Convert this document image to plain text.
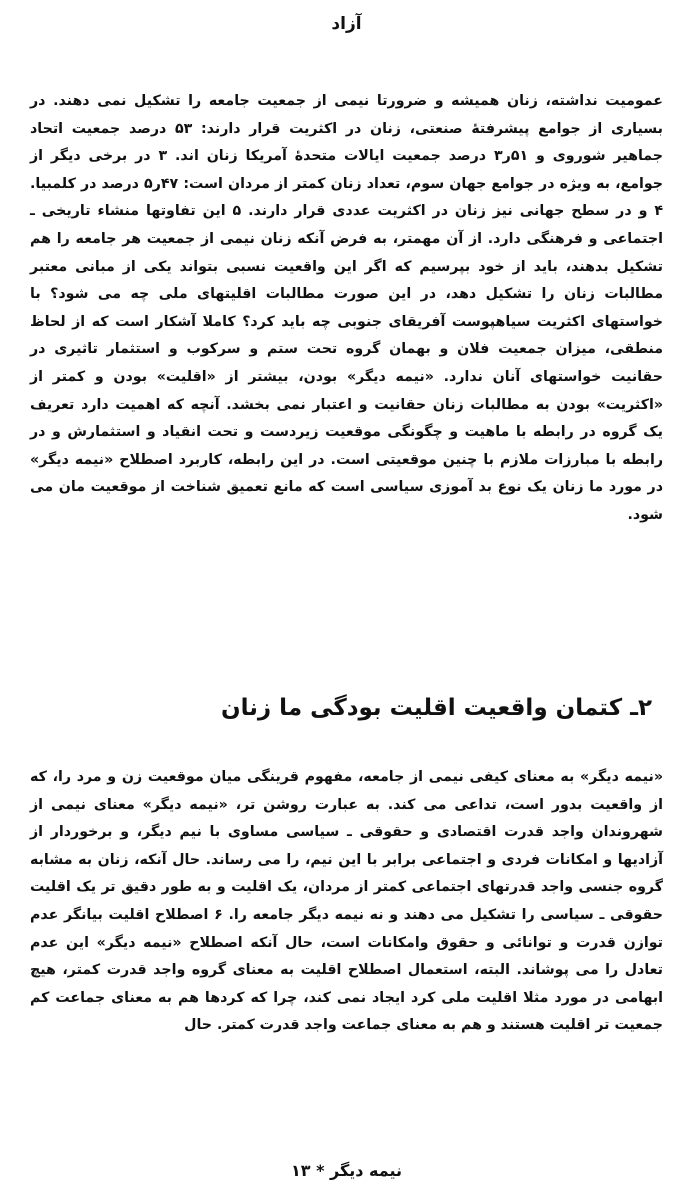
آزاد

عمومیت نداشته، زنان همیشه و ضرورتا نیمی از جمعیت جامعه را تشکیل نمی دهند. در بسیاری از جوامع پیشرفتهٔ صنعتی، زنان در اکثریت قرار دارند: ۵۳ درصد جمعیت اتحاد جماهیر شوروی و ۵۱ر۳ درصد جمعیت ایالات متحدهٔ آمریکا زنان اند. ۳ در برخی دیگر از جوامع، به ویژه در جوامع جهان سوم، تعداد زنان کمتر از مردان است: ۴۷ر۵ درصد در کلمبیا. ۴ و در سطح جهانی نیز زنان در اکثریت عددی قرار دارند. ۵ این تفاوتها منشاء تاریخی ـ اجتماعی و فرهنگی دارد. از آن مهمتر، به فرض آنکه زنان نیمی از جمعیت هر جامعه را هم تشکیل بدهند، باید از خود بپرسیم که اگر این واقعیت نسبی بتواند یکی از مبانی معتبر مطالبات زنان را تشکیل دهد، در این صورت مطالبات اقلیتهای ملی چه می شود؟ با خواستهای اکثریت سیاهپوست آفریقای جنوبی چه باید کرد؟ کاملا آشکار است که از لحاظ منطقی، میزان جمعیت فلان و بهمان گروه تحت ستم و سرکوب و استثمار تاثیری در حقانیت خواستهای آنان ندارد. «نیمه دیگر» بودن، بیشتر از «اقلیت» بودن و کمتر از «اکثریت» بودن به مطالبات زنان حقانیت و اعتبار نمی بخشد. آنچه که اهمیت دارد تعریف یک گروه در رابطه با ماهیت و چگونگی موقعیت زیردست و تحت انقیاد و استثمارش و در رابطه با مبارزات ملازم با چنین موقعیتی است. در این رابطه، کاربرد اصطلاح «نیمه دیگر» در مورد ما زنان یک نوع بد آموزی سیاسی است که مانع تعمیق شناخت از موقعیت مان می شود.

۲ـ کتمان واقعیت اقلیت بودگی ما زنان

«نیمه دیگر» به معنای کیفی نیمی از جامعه، مفهوم قرینگی میان موقعیت زن و مرد را، که از واقعیت بدور است، تداعی می کند. به عبارت روشن تر، «نیمه دیگر» معنای نیمی از شهروندان واجد قدرت اقتصادی و حقوقی ـ سیاسی مساوی با نیم دیگر، و برخوردار از آزادیها و امکانات فردی و اجتماعی برابر با این نیم، را می رساند. حال آنکه، زنان به مشابه گروه جنسی واجد قدرتهای اجتماعی کمتر از مردان، یک اقلیت و به طور دقیق تر یک اقلیت حقوقی ـ سیاسی را تشکیل می دهند و نه نیمه دیگر جامعه را. ۶ اصطلاح اقلیت بیانگر عدم توازن قدرت و توانائی و حقوق وامکانات است، حال آنکه اصطلاح «نیمه دیگر» این عدم تعادل را می پوشاند. البته، استعمال اصطلاح اقلیت به معنای گروه واجد قدرت کمتر، هیچ ابهامی در مورد مثلا اقلیت ملی کرد ایجاد نمی کند، چرا که کردها هم به معنای جماعت کم جمعیت تر اقلیت هستند و هم به معنای جماعت واجد قدرت کمتر. حال

نیمه دیگر * ۱۳
